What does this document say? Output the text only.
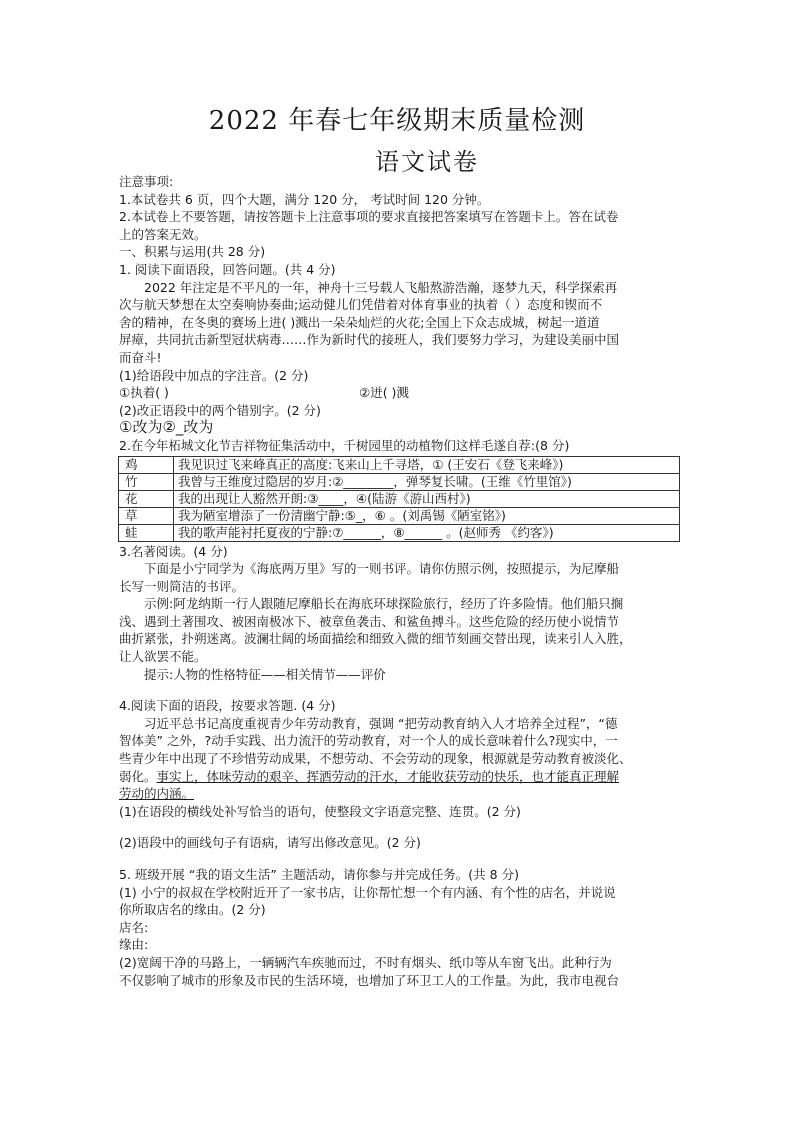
2022 年春七年级期末质量检测
语文试卷
注意事项:
1.本试卷共 6 页，四个大题，满分 120 分， 考试时间 120 分钟。
2.本试卷上不要答题，请按答题卡上注意事项的要求直接把答案填写在答题卡上。答在试卷
上的答案无效。
一、积累与运用(共 28 分)
1. 阅读下面语段，回答问题。(共 4 分)
2022 年注定是不平凡的一年，神舟十三号载人飞船熬游浩瀚，逐梦九天，科学探索再
次与航天梦想在太空奏响协奏曲;运动健儿们凭借着对体育事业的执着（ ）态度和锲而不
舍的精神，在冬奥的赛场上进( )溅出一朵朵灿烂的火花;全国上下众志成城，树起一道道
屏瘴，共同抗击新型冠状病毒……作为新时代的接班人，我们要努力学习，为建设美丽中国
而奋斗!
(1)给语段中加点的字注音。(2 分)
①执着( )	②迸( )溅
(2)改正语段中的两个错别字。(2 分)
①改为②_改为
2.在今年柘城文化节吉祥物征集活动中，千树园里的动植物们这样毛遂自荐:(8 分)
鸡	我见识过飞来峰真正的高度:飞来山上千寻塔，① (王安石《登飞来峰》)
竹	我曾与王维度过隐居的岁月:②________，弹琴复长啸。(王维《竹里馆》)
花	我的出现让人豁然开朗:③____，④(陆游《游山西村》)
草	我为陋室增添了一份清幽宁静:⑤_，⑥ 。(刘禹锡《陋室铭》)
蛙	我的歌声能衬托夏夜的宁静:⑦______，⑧______ 。(赵师秀 《约客》)
3.名著阅读。(4 分)
下面是小宁同学为《海底两万里》写的一则书评。请你仿照示例，按照提示，为尼摩船
长写一则简洁的书评。
示例:阿龙纳斯一行人跟随尼摩船长在海底环球探险旅行，经历了许多险情。他们船只搁
浅、遇到土著围攻、被困南极冰下、被章鱼袭击、和鲨鱼搏斗。这些危险的经历使小说情节
曲折紧张，扑朔迷离。波澜壮阔的场面描绘和细致入微的细节刻画交替出现，读来引人入胜，
让人欲罢不能。
提示:人物的性格特征——相关情节——评价
4.阅读下面的语段，按要求答题. (4 分)
习近平总书记高度重视青少年劳动教育，强调 “把劳动教育纳入人才培养全过程”，“德
智体美” 之外，?动手实践、出力流汗的劳动教育，对一个人的成长意味着什么?现实中，一
些青少年中出现了不珍惜劳动成果，不想劳动、不会劳动的现象，根源就是劳动教育被淡化、
弱化。事实上，体味劳动的艰辛、挥洒劳动的汗水，才能收获劳动的快乐，也才能真正理解
劳动的内涵。
(1)在语段的横线处补写恰当的语句，使整段文字语意完整、连贯。(2 分)
(2)语段中的画线句子有语病，请写出修改意见。(2 分)
5. 班级开展 “我的语文生活” 主题活动，请你参与并完成任务。(共 8 分)
(1) 小宁的叔叔在学校附近开了一家书店，让你帮忙想一个有内涵、有个性的店名，并说说
你所取店名的缘由。(2 分)
店名:
缘由:
(2)宽阔干净的马路上，一辆辆汽车疾驰而过，不时有烟头、纸巾等从车窗飞出。此种行为
不仅影响了城市的形象及市民的生活环境，也增加了环卫工人的工作量。为此，我市电视台
